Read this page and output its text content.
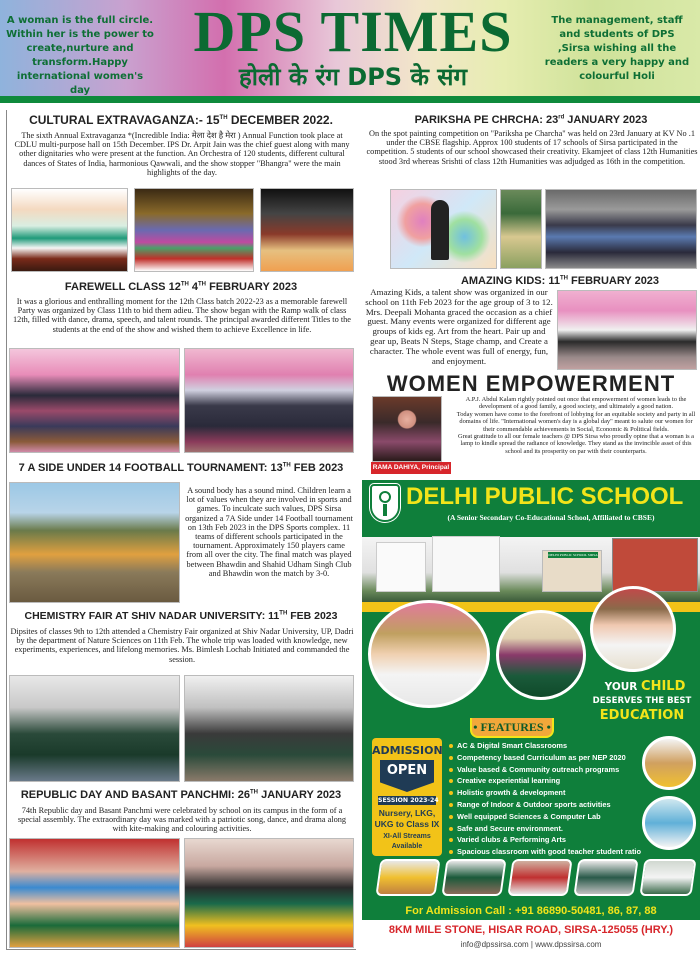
A woman is the full circle. Within her is the power to create,nurture and transform.Happy international women's day
DPS TIMES
होली के रंग DPS के संग
The management, staff and students of DPS ,Sirsa wishing all the readers a very happy and colourful Holi
CULTURAL EXTRAVAGANZA:- 15TH DECEMBER 2022.
The sixth Annual Extravaganza *(Incredible India: मेला देश है मेरा ) Annual Function took place at CDLU multi-purpose hall on 15th December. IPS Dr. Arpit Jain was the chief guest along with many other dignitaries who were present at the function. An Orchestra of 120 students, different cultural dances of States of India, harmonious Qawwali, and the show stopper "Bhangra" were the main highlights of the day.
FAREWELL CLASS 12TH 4TH FEBRUARY 2023
It was a glorious and enthralling moment for the 12th Class batch 2022-23 as a memorable farewell Party was organized by Class 11th to bid them adieu. The show began with the Ramp walk of class 12th, filled with dance, drama, speech, and talent rounds. The principal awarded different Titles to the students at the end of the show and wished them to achieve Excellence in life.
7 A SIDE UNDER 14 FOOTBALL TOURNAMENT: 13TH FEB 2023
A sound body has a sound mind. Children learn a lot of values when they are involved in sports and games. To inculcate such values, DPS Sirsa organized a 7A Side under 14 Football tournament on 13th Feb 2023 in the DPS Sports complex. 11 teams of different schools participated in the tournament. Approximately 150 players came from all over the city. The final match was played between Bhawdin and Shahid Udham Singh Club and Bhawdin won the match by 3-0.
CHEMISTRY FAIR AT SHIV NADAR UNIVERSITY: 11TH FEB 2023
Dipsites of classes 9th to 12th attended a Chemistry Fair organized at Shiv Nadar University, UP, Dadri by the department of Nature Sciences on 11th Feb. The whole trip was loaded with knowledge, new experiments, experiences, and lifelong memories. Ms. Bimlesh Lochab Initiated and commanded the session.
REPUBLIC DAY AND BASANT PANCHMI: 26TH JANUARY 2023
74th Republic day and Basant Panchmi were celebrated by school on its campus in the form of a special assembly. The extraordinary day was marked with a patriotic song, dance, and drama along with kite-making and colouring activities.
PARIKSHA PE CHRCHA: 23rd JANUARY 2023
On the spot painting competition on "Pariksha pe Charcha" was held on 23rd January at KV No .1 under the CBSE flagship. Approx 100 students of 17 schools of Sirsa participated in the competition. 5 students of our school showcased their creativity. Ekamjeet of class 12th Humanities stood 3rd whereas Srishti of class 12th Humanities was adjudged as 16th in the competition.
AMAZING KIDS: 11TH FEBRUARY 2023
Amazing Kids, a talent show was organized in our school on 11th Feb 2023 for the age group of 3 to 12. Mrs. Deepali Mohanta graced the occasion as a chief guest. Many events were organized for different age groups of kids eg. Art from the heart. Pair up and gear up, Beats N Steps, Stage champ, and Create a character. The whole event was full of energy, fun, and enjoyment.
WOMEN EMPOWERMENT
RAMA DAHIYA, Principal
A.P.J. Abdul Kalam rightly pointed out once that empowerment of women leads to the development of a good family, a good society, and ultimately a good nation.
Today women have come to the forefront of lobbying for an equitable society and party in all domains of life. "International women's day is a global day" meant to salute our women for their commendable achievements in Social, Economic & Political fields.
Great gratitude to all our female teachers @ DPS Sirsa who proudly opine that a woman is a lamp to kindle spread the radiance of knowledge. They stand as the invincible asset of this school and its prosperity on par with their counterparts.
DELHI PUBLIC SCHOOL
(A Senior Secondary Co-Educational School, Affiliated to CBSE)
DELHI PUBLIC SCHOOL SIRSA
YOUR CHILD
DESERVES THE BEST
EDUCATION
• FEATURES •
ADMISSION
OPEN
SESSION 2023-24
Nursery, LKG, UKG to Class IX
XI-All Streams Available
AC & Digital Smart Classrooms
Competency based Curriculum as per NEP 2020
Value based & Community outreach programs
Creative experiential learning
Holistic growth & development
Range of Indoor & Outdoor sports activities
Well equipped Sciences & Computer Lab
Safe and Secure environment.
Varied clubs & Performing Arts
Spacious classroom with good teacher student ratio
For Admission Call : +91 86890-50481, 86, 87, 88
8KM MILE STONE, HISAR ROAD, SIRSA-125055 (HRY.)
info@dpssirsa.com | www.dpssirsa.com
